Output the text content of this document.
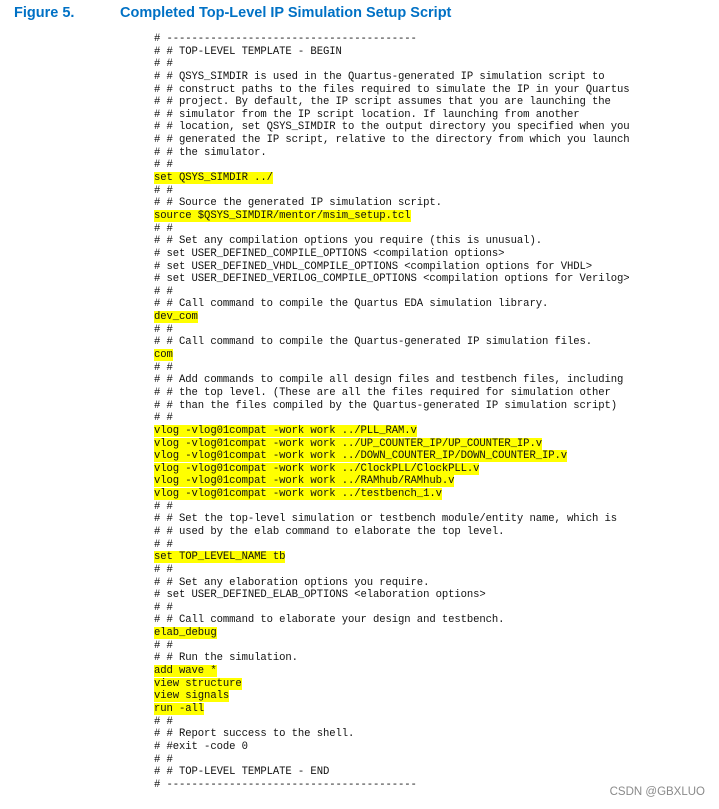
Figure 5.	Completed Top-Level IP Simulation Setup Script
# ----------------------------------------
# # TOP-LEVEL TEMPLATE - BEGIN
# #
# # QSYS_SIMDIR is used in the Quartus-generated IP simulation script to
# # construct paths to the files required to simulate the IP in your Quartus
# # project. By default, the IP script assumes that you are launching the
# # simulator from the IP script location. If launching from another
# # location, set QSYS_SIMDIR to the output directory you specified when you
# # generated the IP script, relative to the directory from which you launch
# # the simulator.
# #
set QSYS_SIMDIR ../
# #
# # Source the generated IP simulation script.
source $QSYS_SIMDIR/mentor/msim_setup.tcl
# #
# # Set any compilation options you require (this is unusual).
# set USER_DEFINED_COMPILE_OPTIONS <compilation options>
# set USER_DEFINED_VHDL_COMPILE_OPTIONS <compilation options for VHDL>
# set USER_DEFINED_VERILOG_COMPILE_OPTIONS <compilation options for Verilog>
# #
# # Call command to compile the Quartus EDA simulation library.
dev_com
# #
# # Call command to compile the Quartus-generated IP simulation files.
com
# #
# # Add commands to compile all design files and testbench files, including
# # the top level. (These are all the files required for simulation other
# # than the files compiled by the Quartus-generated IP simulation script)
# #
vlog -vlog01compat -work work ../PLL_RAM.v
vlog -vlog01compat -work work ../UP_COUNTER_IP/UP_COUNTER_IP.v
vlog -vlog01compat -work work ../DOWN_COUNTER_IP/DOWN_COUNTER_IP.v
vlog -vlog01compat -work work ../ClockPLL/ClockPLL.v
vlog -vlog01compat -work work ../RAMhub/RAMhub.v
vlog -vlog01compat -work work ../testbench_1.v
# #
# # Set the top-level simulation or testbench module/entity name, which is
# # used by the elab command to elaborate the top level.
# #
set TOP_LEVEL_NAME tb
# #
# # Set any elaboration options you require.
# set USER_DEFINED_ELAB_OPTIONS <elaboration options>
# #
# # Call command to elaborate your design and testbench.
elab_debug
# #
# # Run the simulation.
add wave *
view structure
view signals
run -all
# #
# # Report success to the shell.
# #exit -code 0
# #
# # TOP-LEVEL TEMPLATE - END
# ----------------------------------------
CSDN @GBXLUO
